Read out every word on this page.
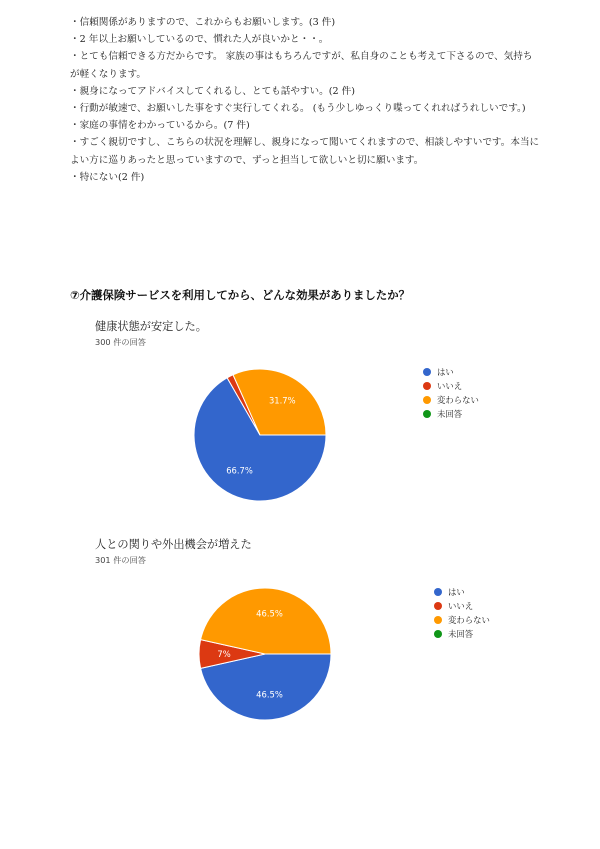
・信頼関係がありますので、これからもお願いします。(3 件)
・2 年以上お願いしているので、慣れた人が良いかと・・。
・とても信頼できる方だからです。 家族の事はもちろんですが、私自身のことも考えて下さるので、気持ちが軽くなります。
・親身になってアドバイスしてくれるし、とても話やすい。(2 件)
・行動が敏速で、お願いした事をすぐ実行してくれる。 (もう少しゆっくり喋ってくれればうれしいです。)
・家庭の事情をわかっているから。(7 件)
・すごく親切ですし、こちらの状況を理解し、親身になって聞いてくれますので、相談しやすいです。本当によい方に巡りあったと思っていますので、ずっと担当して欲しいと切に願います。
・特にない(2 件)
⑦介護保険サービスを利用してから、どんな効果がありましたか？

健康状態が安定した。

300 件の回答

66.7%
31.7%
はい
いいえ
変わらない
未回答

人との関りや外出機会が増えた

301 件の回答

46.5%
7%
46.5%
はい
いいえ
変わらない
未回答
